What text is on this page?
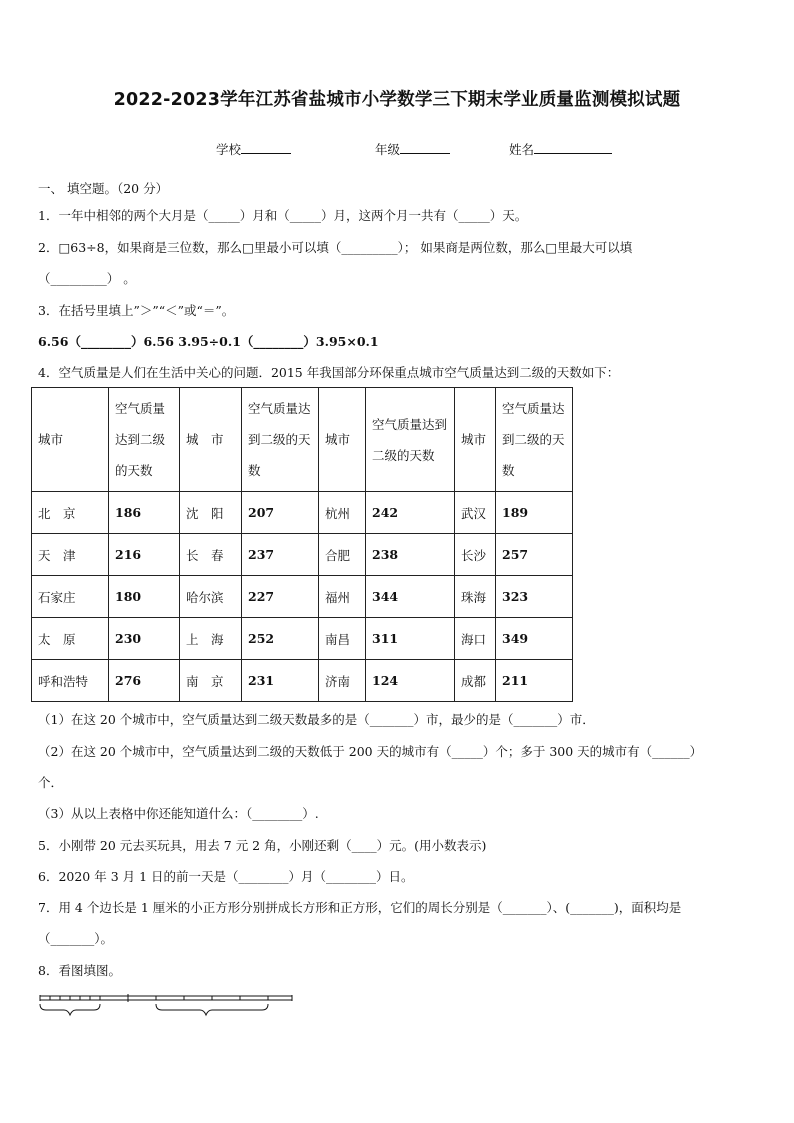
2022-2023学年江苏省盐城市小学数学三下期末学业质量监测模拟试题
学校	年级	姓名
一、 填空题。（20 分）
1．一年中相邻的两个大月是（_____）月和（_____）月，这两个月一共有（_____）天。
2．□63÷8，如果商是三位数，那么□里最小可以填（_________）； 如果商是两位数，那么□里最大可以填
（_________） 。
3．在括号里填上”＞”“＜”或“＝”。
6.56（________）6.56 3.95÷0.1（________）3.95×0.1
4．空气质量是人们在生活中关心的问题．2015 年我国部分环保重点城市空气质量达到二级的天数如下：
城市	空气质量达到二级的天数	城　市	空气质量达到二级的天数	城市	空气质量达到二级的天数	城市	空气质量达到二级的天数
北　京	186	沈　阳	207	杭州	242	武汉	189
天　津	216	长　春	237	合肥	238	长沙	257
石家庄	180	哈尔滨	227	福州	344	珠海	323
太　原	230	上　海	252	南昌	311	海口	349
呼和浩特	276	南　京	231	济南	124	成都	211
（1）在这 20 个城市中，空气质量达到二级天数最多的是（_______）市，最少的是（_______）市．
（2）在这 20 个城市中，空气质量达到二级的天数低于 200 天的城市有（_____）个；多于 300 天的城市有（______）
个．
（3）从以上表格中你还能知道什么：（________）.
5．小刚带 20 元去买玩具，用去 7 元 2 角，小刚还剩（____）元。(用小数表示)
6．2020 年 3 月 1 日的前一天是（________）月（________）日。
7．用 4 个边长是 1 厘米的小正方形分别拼成长方形和正方形，它们的周长分别是（_______）、(_______)，面积均是
（_______）。
8．看图填图。
